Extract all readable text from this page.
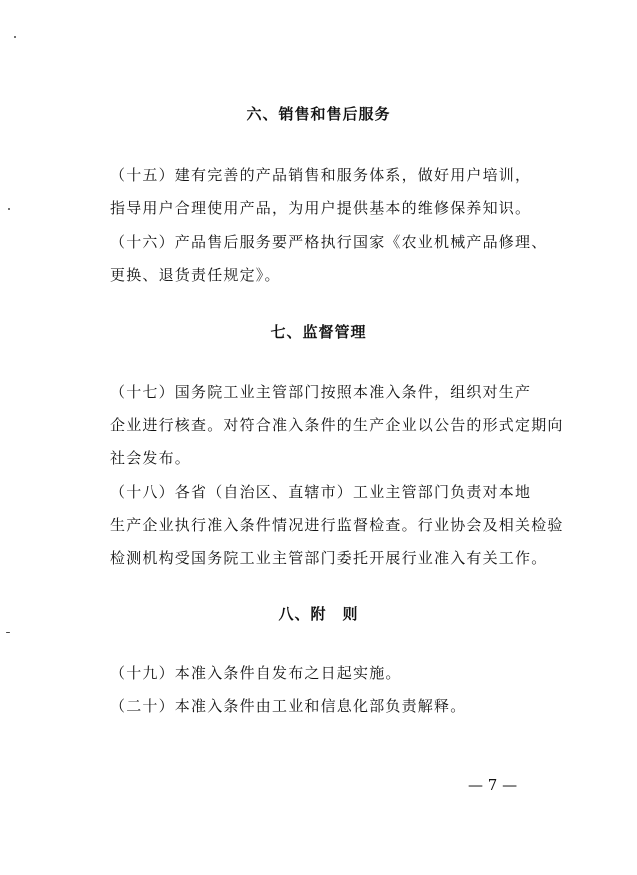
六、销售和售后服务
（十五）建有完善的产品销售和服务体系，做好用户培训，
指导用户合理使用产品，为用户提供基本的维修保养知识。
（十六）产品售后服务要严格执行国家《农业机械产品修理、
更换、退货责任规定》。
七、监督管理
（十七）国务院工业主管部门按照本准入条件，组织对生产
企业进行核查。对符合准入条件的生产企业以公告的形式定期向
社会发布。
（十八）各省（自治区、直辖市）工业主管部门负责对本地
生产企业执行准入条件情况进行监督检查。行业协会及相关检验
检测机构受国务院工业主管部门委托开展行业准入有关工作。
八、附　则
（十九）本准入条件自发布之日起实施。
（二十）本准入条件由工业和信息化部负责解释。
— 7 —
